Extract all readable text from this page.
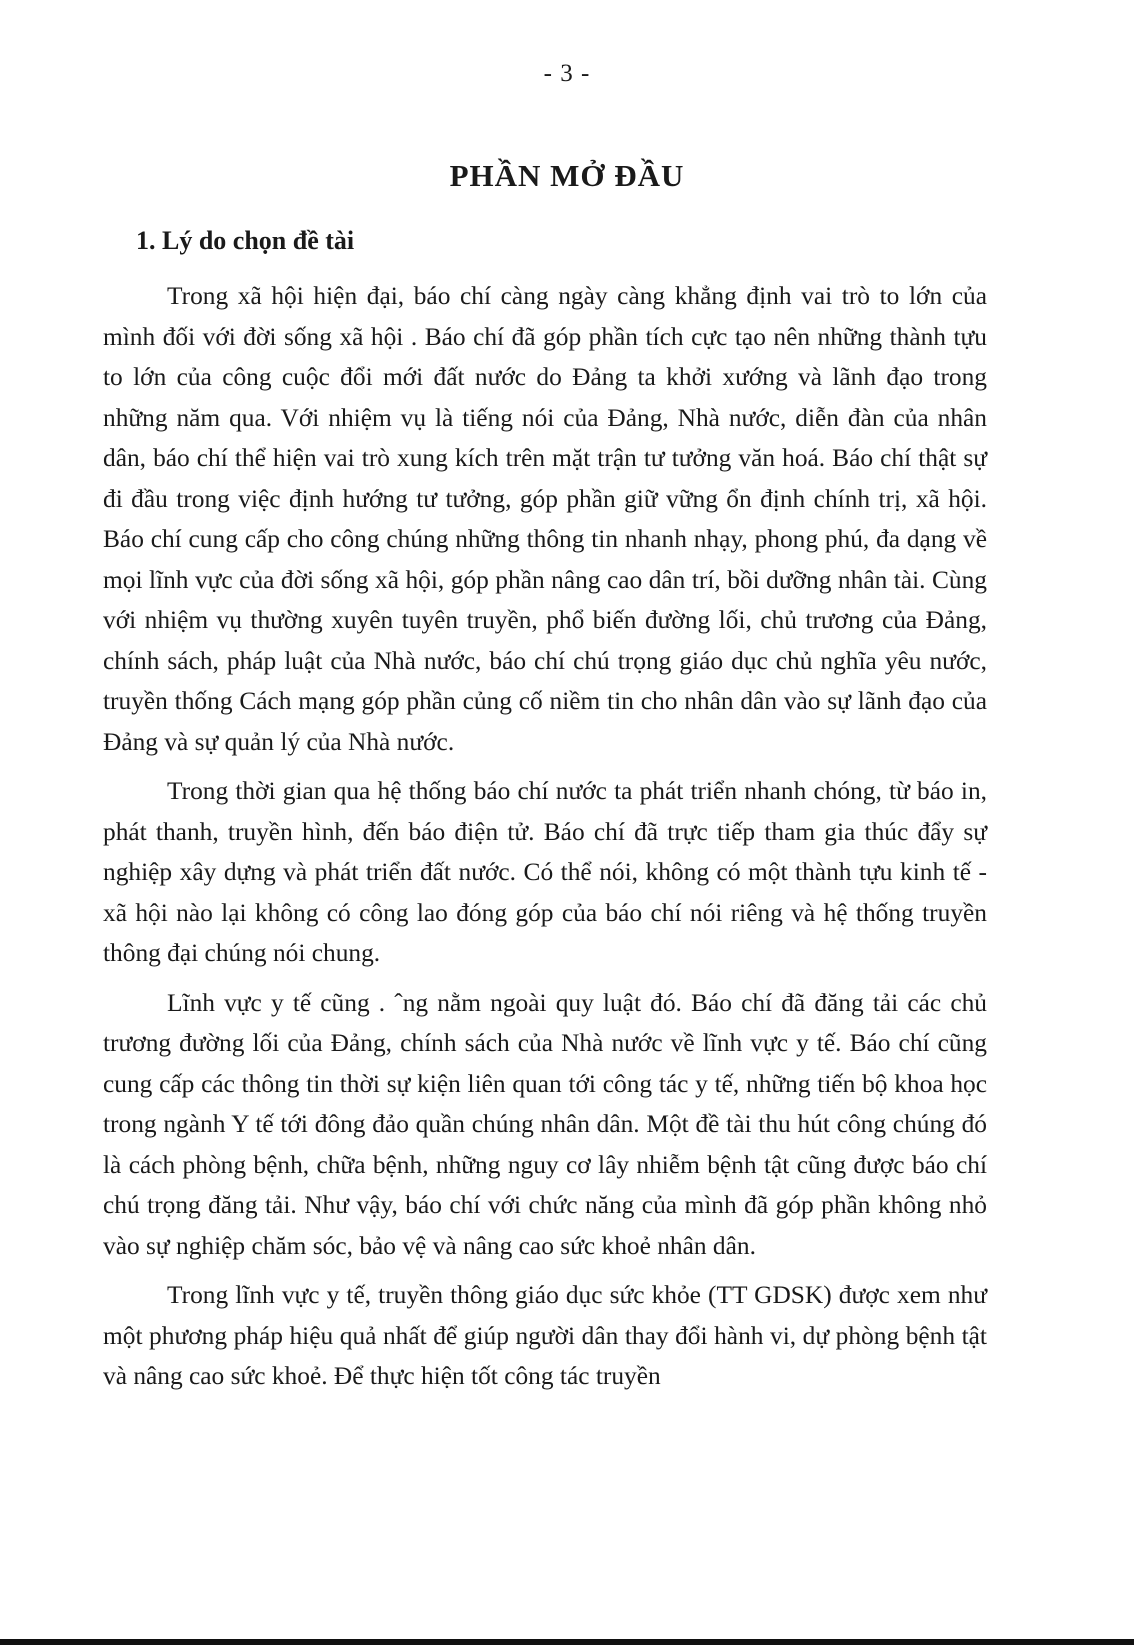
- 3 -
PHẦN MỞ ĐẦU
1. Lý do chọn đề tài

Trong xã hội hiện đại, báo chí càng ngày càng khẳng định vai trò to lớn của mình đối với đời sống xã hội . Báo chí đã góp phần tích cực tạo nên những thành tựu to lớn của công cuộc đổi mới đất nước do Đảng ta khởi xướng và lãnh đạo trong những năm qua. Với nhiệm vụ là tiếng nói của Đảng, Nhà nước, diễn đàn của nhân dân, báo chí thể hiện vai trò xung kích trên mặt trận tư tưởng văn hoá. Báo chí thật sự đi đầu trong việc định hướng tư tưởng, góp phần giữ vững ổn định chính trị, xã hội. Báo chí cung cấp cho công chúng những thông tin nhanh nhạy, phong phú, đa dạng về mọi lĩnh vực của đời sống xã hội, góp phần nâng cao dân trí, bồi dưỡng nhân tài. Cùng với nhiệm vụ thường xuyên tuyên truyền, phổ biến đường lối, chủ trương của Đảng, chính sách, pháp luật của Nhà nước, báo chí chú trọng giáo dục chủ nghĩa yêu nước, truyền thống Cách mạng góp phần củng cố niềm tin cho nhân dân vào sự lãnh đạo của Đảng và sự quản lý của Nhà nước.

Trong thời gian qua hệ thống báo chí nước ta phát triển nhanh chóng, từ báo in, phát thanh, truyền hình, đến báo điện tử. Báo chí đã trực tiếp tham gia thúc đẩy sự nghiệp xây dựng và phát triển đất nước. Có thể nói, không có một thành tựu kinh tế - xã hội nào lại không có công lao đóng góp của báo chí nói riêng và hệ thống truyền thông đại chúng nói chung.

Lĩnh vực y tế cũng . ˆng nằm ngoài quy luật đó. Báo chí đã đăng tải các chủ trương đường lối của Đảng, chính sách của Nhà nước về lĩnh vực y tế. Báo chí cũng cung cấp các thông tin thời sự kiện liên quan tới công tác y tế, những tiến bộ khoa học trong ngành Y tế tới đông đảo quần chúng nhân dân. Một đề tài thu hút công chúng đó là cách phòng bệnh, chữa bệnh, những nguy cơ lây nhiễm bệnh tật cũng được báo chí chú trọng đăng tải. Như vậy, báo chí với chức năng của mình đã góp phần không nhỏ vào sự nghiệp chăm sóc, bảo vệ và nâng cao sức khoẻ nhân dân.

Trong lĩnh vực y tế, truyền thông giáo dục sức khỏe (TT GDSK) được xem như một phương pháp hiệu quả nhất để giúp người dân thay đổi hành vi, dự phòng bệnh tật và nâng cao sức khoẻ. Để thực hiện tốt công tác truyền
